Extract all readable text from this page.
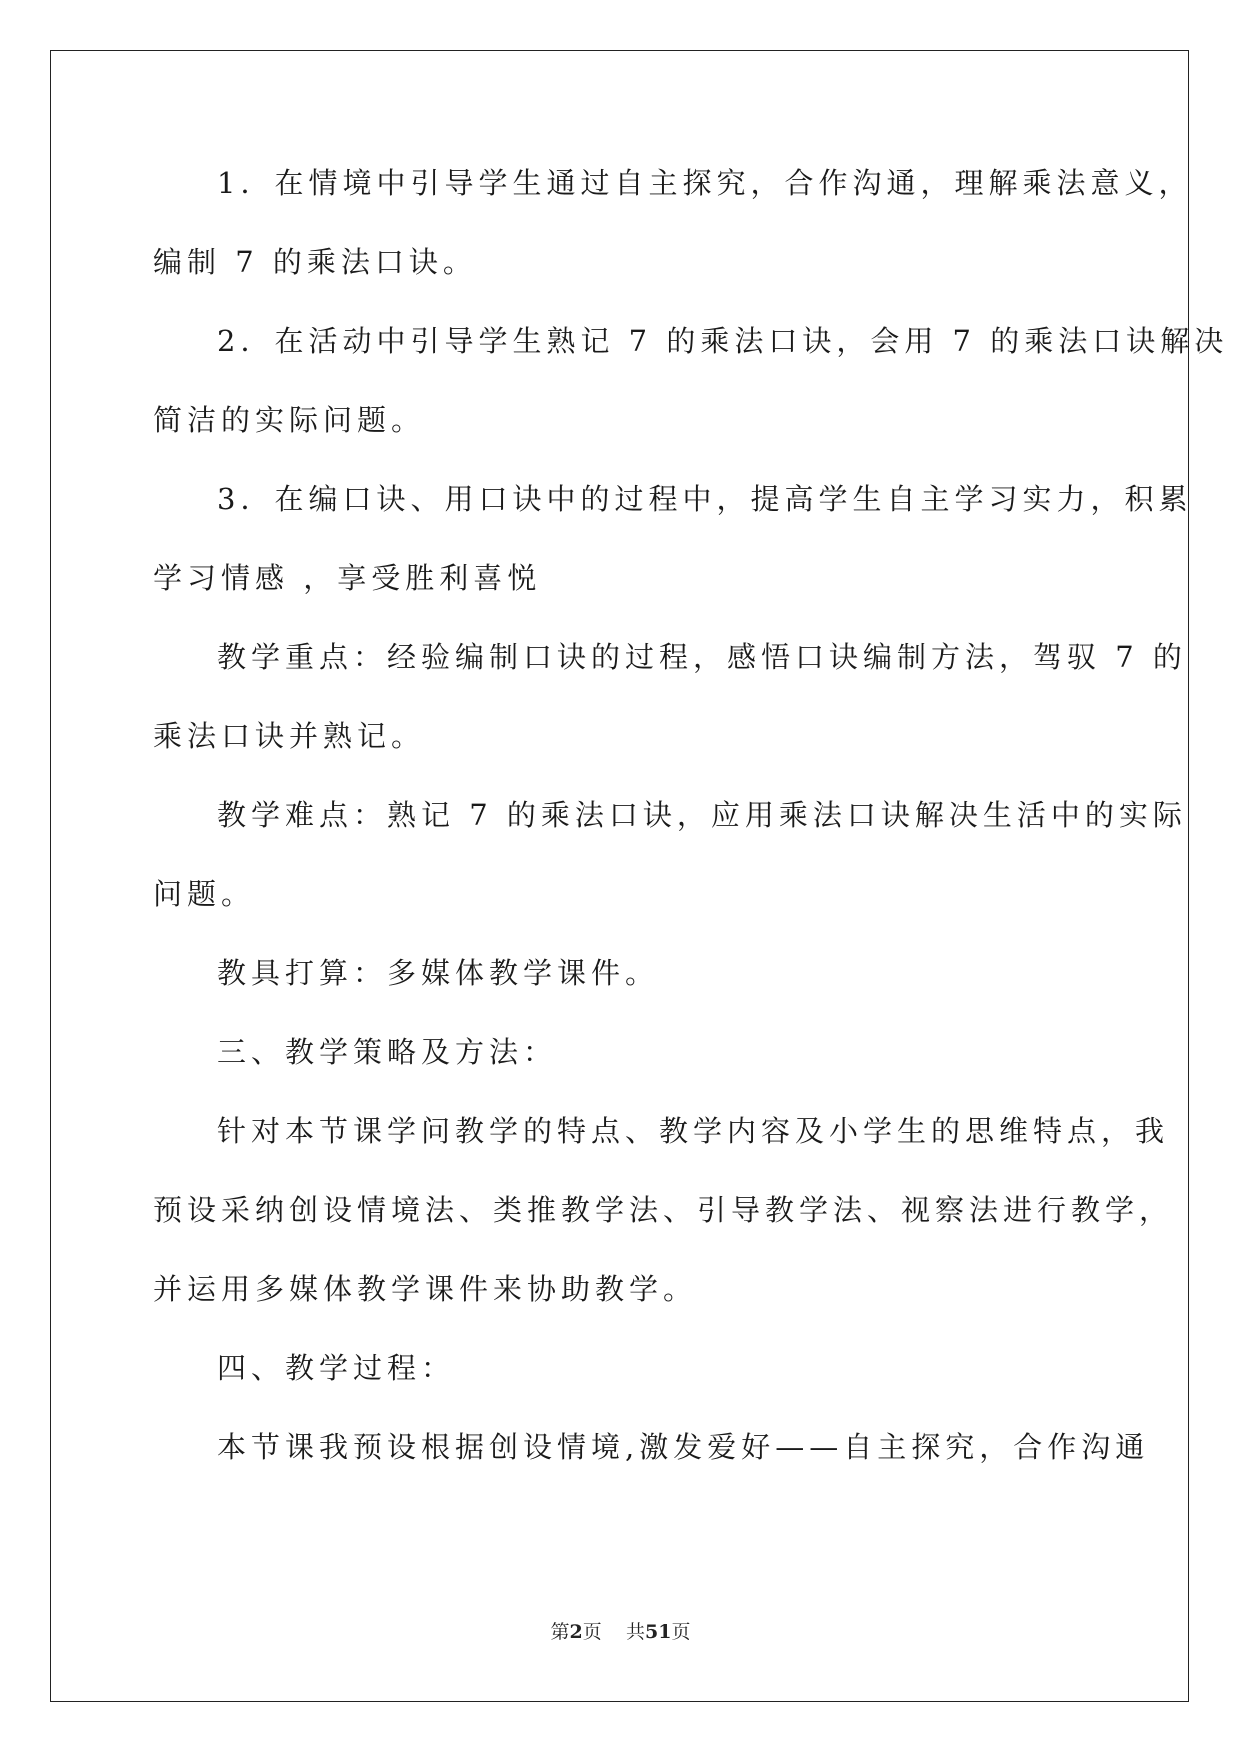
1．在情境中引导学生通过自主探究，合作沟通，理解乘法意义，
编制 7 的乘法口诀。
2．在活动中引导学生熟记 7 的乘法口诀，会用 7 的乘法口诀解决
简洁的实际问题。
3．在编口诀、用口诀中的过程中，提高学生自主学习实力，积累
学习情感 ，享受胜利喜悦
教学重点：经验编制口诀的过程，感悟口诀编制方法，驾驭 7 的
乘法口诀并熟记。
教学难点：熟记 7 的乘法口诀，应用乘法口诀解决生活中的实际
问题。
教具打算：多媒体教学课件。
三、教学策略及方法：
针对本节课学问教学的特点、教学内容及小学生的思维特点，我
预设采纳创设情境法、类推教学法、引导教学法、视察法进行教学，
并运用多媒体教学课件来协助教学。
四、教学过程：
本节课我预设根据创设情境,激发爱好——自主探究，合作沟通
第2页 共51页
